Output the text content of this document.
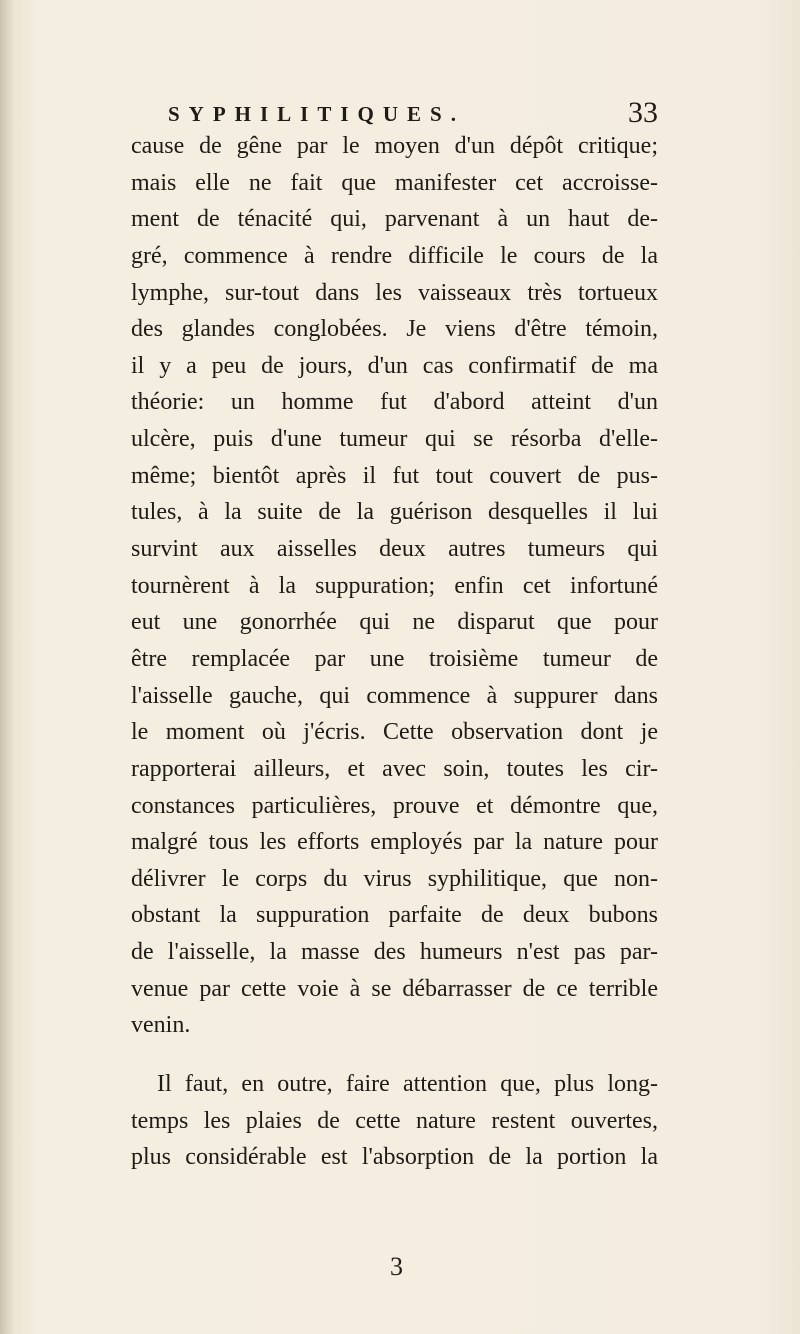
SYPHILITIQUES.	33
cause de gêne par le moyen d'un dépôt critique;
mais elle ne fait que manifester cet accroisse-
ment de ténacité qui, parvenant à un haut de-
gré, commence à rendre difficile le cours de la
lymphe, sur-tout dans les vaisseaux très tortueux
des glandes conglobées. Je viens d'être témoin,
il y a peu de jours, d'un cas confirmatif de ma
théorie: un homme fut d'abord atteint d'un
ulcère, puis d'une tumeur qui se résorba d'elle-
même; bientôt après il fut tout couvert de pus-
tules, à la suite de la guérison desquelles il lui
survint aux aisselles deux autres tumeurs qui
tournèrent à la suppuration; enfin cet infortuné
eut une gonorrhée qui ne disparut que pour
être remplacée par une troisième tumeur de
l'aisselle gauche, qui commence à suppurer dans
le moment où j'écris. Cette observation dont je
rapporterai ailleurs, et avec soin, toutes les cir-
constances particulières, prouve et démontre que,
malgré tous les efforts employés par la nature pour
délivrer le corps du virus syphilitique, que non-
obstant la suppuration parfaite de deux bubons
de l'aisselle, la masse des humeurs n'est pas par-
venue par cette voie à se débarrasser de ce terrible
venin.
Il faut, en outre, faire attention que, plus long-
temps les plaies de cette nature restent ouvertes,
plus considérable est l'absorption de la portion la
3
